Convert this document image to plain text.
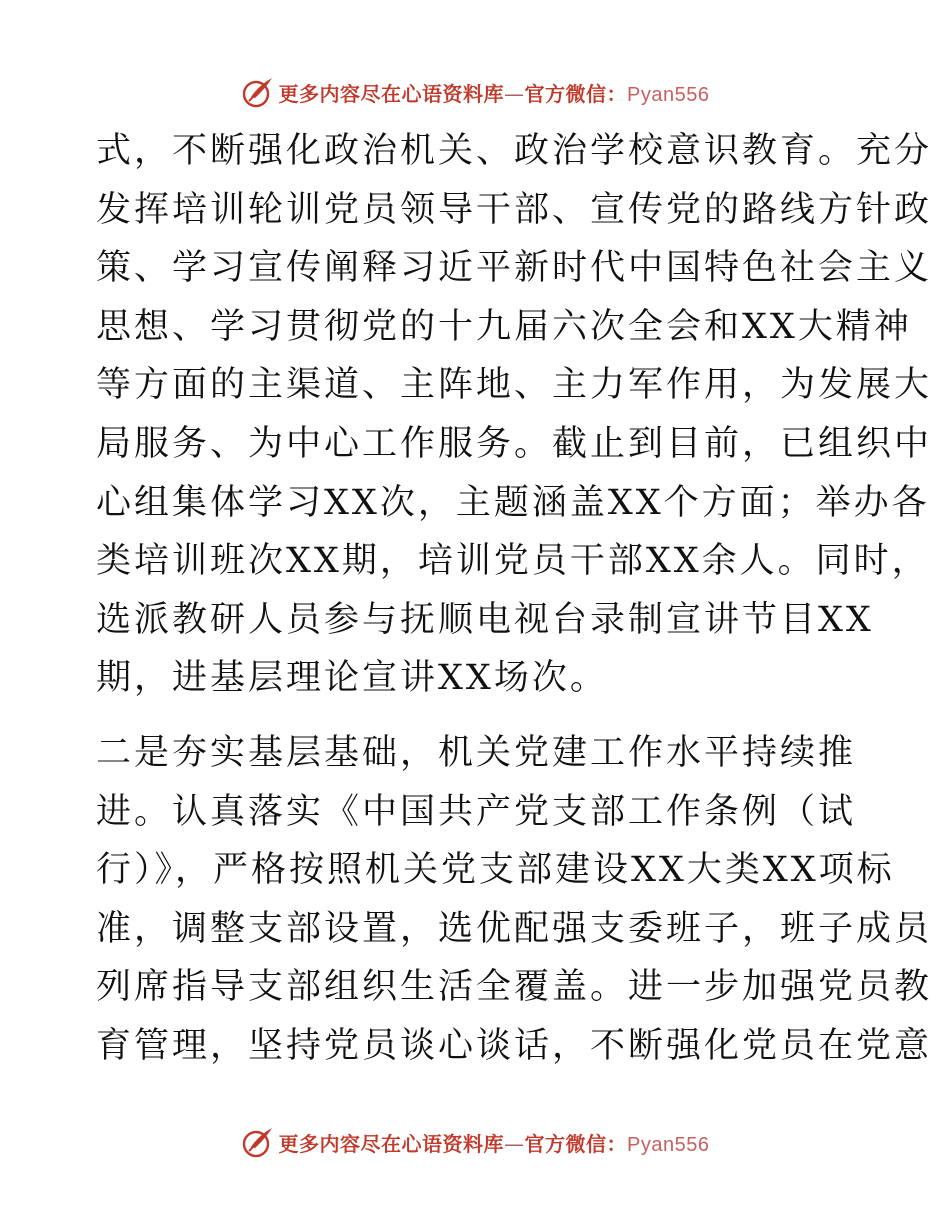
更多内容尽在心语资料库—官方微信：Pyan556
式，不断强化政治机关、政治学校意识教育。充分
发挥培训轮训党员领导干部、宣传党的路线方针政
策、学习宣传阐释习近平新时代中国特色社会主义
思想、学习贯彻党的十九届六次全会和XX大精神
等方面的主渠道、主阵地、主力军作用，为发展大
局服务、为中心工作服务。截止到目前，已组织中
心组集体学习XX次，主题涵盖XX个方面；举办各
类培训班次XX期，培训党员干部XX余人。同时，
选派教研人员参与抚顺电视台录制宣讲节目XX
期，进基层理论宣讲XX场次。
二是夯实基层基础，机关党建工作水平持续推
进。认真落实《中国共产党支部工作条例（试
行）》，严格按照机关党支部建设XX大类XX项标
准，调整支部设置，选优配强支委班子，班子成员
列席指导支部组织生活全覆盖。进一步加强党员教
育管理，坚持党员谈心谈话，不断强化党员在党意
更多内容尽在心语资料库—官方微信：Pyan556
